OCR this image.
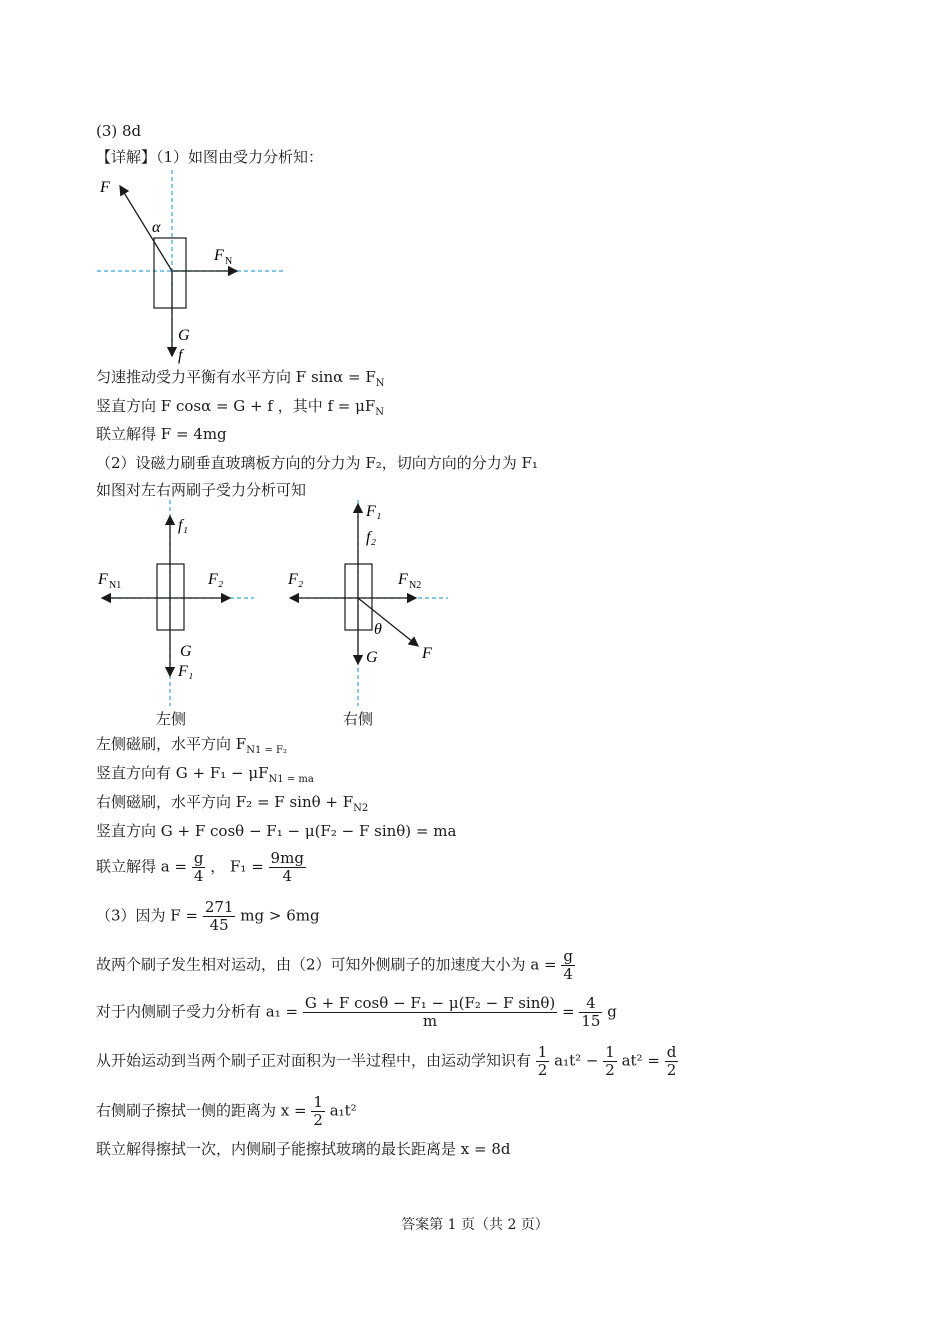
(3) 8d
【详解】（1）如图由受力分析知：
F
α
F N
G
f
匀速推动受力平衡有水平方向 F $\sin\alpha = F_N$
竖直方向 F cosα = G + f ，其中 $f = \mu F_N$
联立解得 F = 4mg
（2）设磁力刷垂直玻璃板方向的分力为 F₂，切向方向的分力为 F₁
如图对左右两刷子受力分析可知
f₁
F N1	F₂
G
F₁
F₁
f₂
F₂	F N2
θ
G	F
左侧	右侧
左侧磁刷，水平方向 $F_{N1 = F_2}$
竖直方向有 $G + F_1 - \mu F_{N1 = ma}$
右侧磁刷，水平方向 F₂ = F $\sin\theta + F_{N2}$
竖直方向 G + F cosθ − F₁ − μ(F₂ − F sinθ) = ma
联立解得 $a = \frac{g}{4}$ ， $F_1 = \frac{9mg}{4}$
（3）因为 $F = \frac{271}{45}$ mg > 6mg
故两个刷子发生相对运动，由（2）可知外侧刷子的加速度大小为 $a = \frac{g}{4}$
对于内侧刷子受力分析有 $a_1 = \frac{\text{G + F cosθ − F₁ − μ(F₂ − F sinθ)}}{m} = \frac{4}{15}$ g
从开始运动到当两个刷子正对面积为一半过程中，由运动学知识有 $\frac{1}{2} a_1t^2 - \frac{1}{2} at^2 = \frac{d}{2}$
右侧刷子擦拭一侧的距离为 $x = \frac{1}{2} a_1t^2$
联立解得擦拭一次，内侧刷子能擦拭玻璃的最长距离是 x = 8d
答案第 1 页（共 2 页）
